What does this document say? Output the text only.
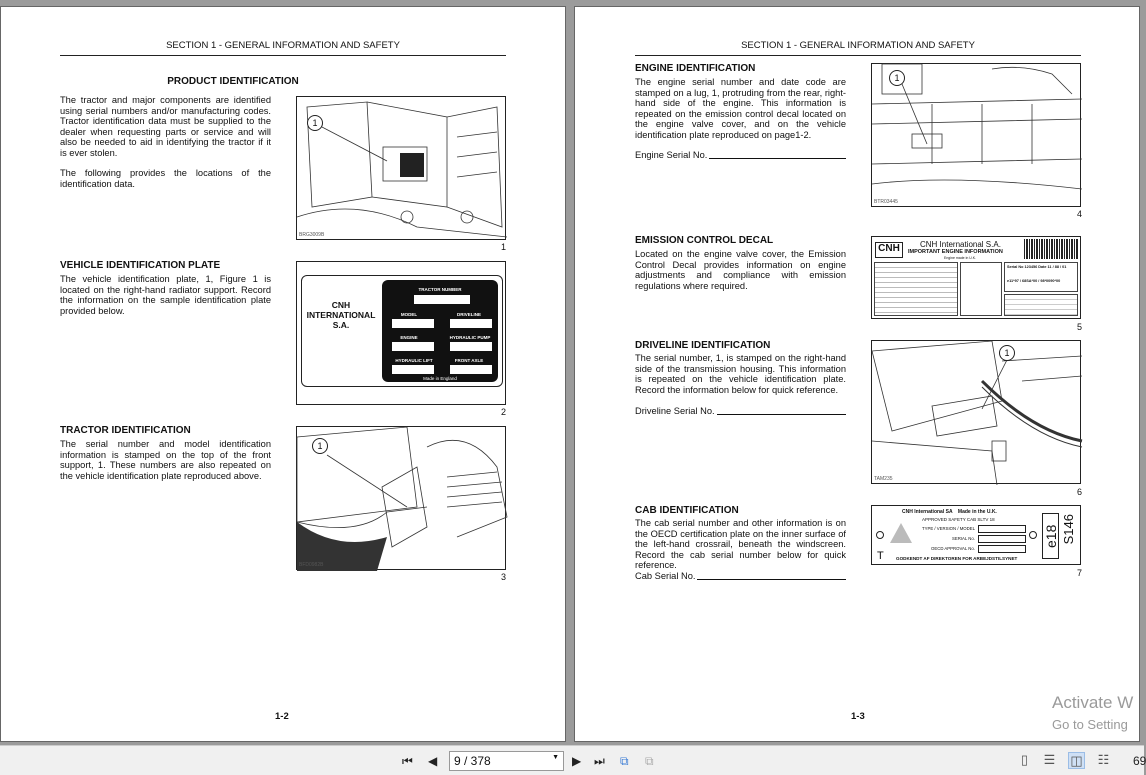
SECTION 1 - GENERAL INFORMATION AND SAFETY
PRODUCT IDENTIFICATION
The tractor and major components are identified using serial numbers and/or manufacturing codes. Tractor identification data must be supplied to the dealer when requesting parts or service and will also be needed to aid in identifying the tractor if it is ever stolen.
The following provides the locations of the identification data.
1
BRG3009B
1
VEHICLE IDENTIFICATION PLATE
The vehicle identification plate, 1, Figure 1 is located on the right-hand radiator support. Record the information on the sample identification plate provided below.
CNH INTERNATIONAL S.A.
TRACTOR NUMBER
MODEL	DRIVELINE
ENGINE	HYDRAULIC PUMP
HYDRAULIC LIFT	FRONT AXLE
Made in England
2
TRACTOR IDENTIFICATION
The serial number and model identification information is stamped on the top of the front support, 1. These numbers are also repeated on the vehicle identification plate reproduced above.
1
BFD0982B
3
1-2
SECTION 1 - GENERAL INFORMATION AND SAFETY
ENGINE IDENTIFICATION
The engine serial number and date code are stamped on a lug, 1, protruding from the rear, right-hand side of the engine. This information is repeated on the emission control decal located on the engine valve cover, and on the vehicle identification plate reproduced on page1-2.
Engine Serial No.
1
BTR03445
4
EMISSION CONTROL DECAL
Located on the engine valve cover, the Emission Control Decal provides information on engine adjustments and compliance with emission regulations where required.
CNH	CNH International S.A.
IMPORTANT ENGINE INFORMATION
Engine made in U.K.
Serial No 123456 Date 11 / 88 / 01
e11*97 / 68SA*00 / 98*0090*00
5
DRIVELINE IDENTIFICATION
The serial number, 1, is stamped on the right-hand side of the transmission housing. This information is repeated on the vehicle identification plate. Record the information below for quick reference.
Driveline Serial No.
1
TAM235
6
CAB IDENTIFICATION
The cab serial number and other information is on the OECD certification plate on the inner surface of the left-hand crossrail, beneath the windscreen. Record the cab serial number below for quick reference.
Cab Serial No.
CNH International SA    Made in the U.K.
APPROVED SAFETY CAB SLTV 18
TYPE / VERSION / MODEL
SERIAL No.
OECD APPROVAL No.
e18 S146
T	GODKENDT AF DIREKTOREN FOR ARBEJDSTILSYNET
7
1-3
Activate W
Go to Setting
⏮ ◀	9 / 378	▼ ▶ ⏭ ⧉ ⧉	▯	☰ ◫ ☷ 69
